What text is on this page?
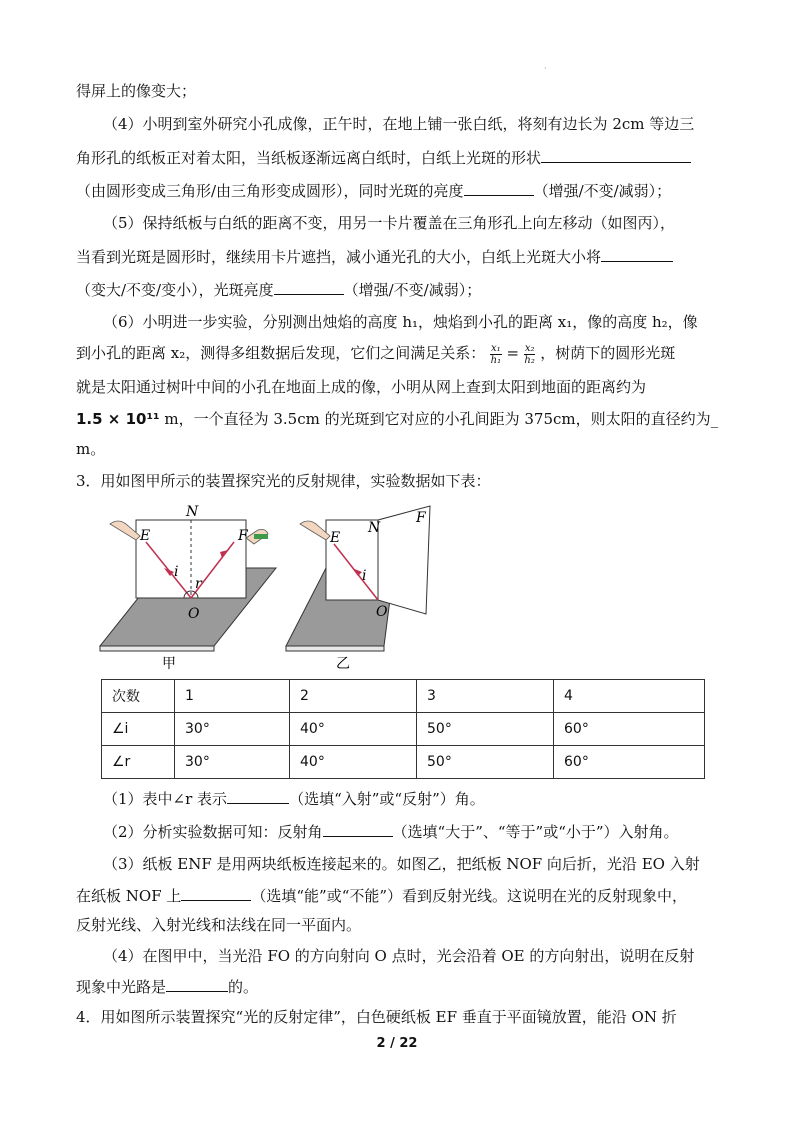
·
得屏上的像变大；
（4）小明到室外研究小孔成像，正午时，在地上铺一张白纸，将刻有边长为 2cm 等边三
角形孔的纸板正对着太阳，当纸板逐渐远离白纸时，白纸上光斑的形状
（由圆形变成三角形/由三角形变成圆形），同时光斑的亮度	（增强/不变/减弱）；
（5）保持纸板与白纸的距离不变，用另一卡片覆盖在三角形孔上向左移动（如图丙），
当看到光斑是圆形时，继续用卡片遮挡，减小通光孔的大小，白纸上光斑大小将
（变大/不变/变小），光斑亮度	（增强/不变/减弱）；
（6）小明进一步实验，分别测出烛焰的高度 h₁，烛焰到小孔的距离 x₁，像的高度 h₂，像
到小孔的距离 x₂，测得多组数据后发现，它们之间满足关系： $\frac{\text{x₁}}{\text{h₁}} = \frac{\text{x₂}}{\text{h₂}}$ ，树荫下的圆形光斑
就是太阳通过树叶中间的小孔在地面上成的像，小明从网上查到太阳到地面的距离约为
1.5 × 10¹¹ m，一个直径为 3.5cm 的光斑到它对应的小孔间距为 375cm，则太阳的直径约为_
m。
3．用如图甲所示的装置探究光的反射规律，实验数据如下表：
E	F
N
O
i
r
甲
E
N
F
i
O
乙
次数	1	2	3	4
∠i	30°	40°	50°	60°
∠r	30°	40°	50°	60°
（1）表中∠r 表示	（选填“入射”或“反射”）角。
（2）分析实验数据可知：反射角	（选填“大于”、“等于”或“小于”）入射角。
（3）纸板 ENF 是用两块纸板连接起来的。如图乙，把纸板 NOF 向后折，光沿 EO 入射
在纸板 NOF 上	（选填“能”或“不能”）看到反射光线。这说明在光的反射现象中，
反射光线、入射光线和法线在同一平面内。
（4）在图甲中，当光沿 FO 的方向射向 O 点时，光会沿着 OE 的方向射出，说明在反射
现象中光路是	的。
4．用如图所示装置探究“光的反射定律”，白色硬纸板 EF 垂直于平面镜放置，能沿 ON 折
2 / 22
